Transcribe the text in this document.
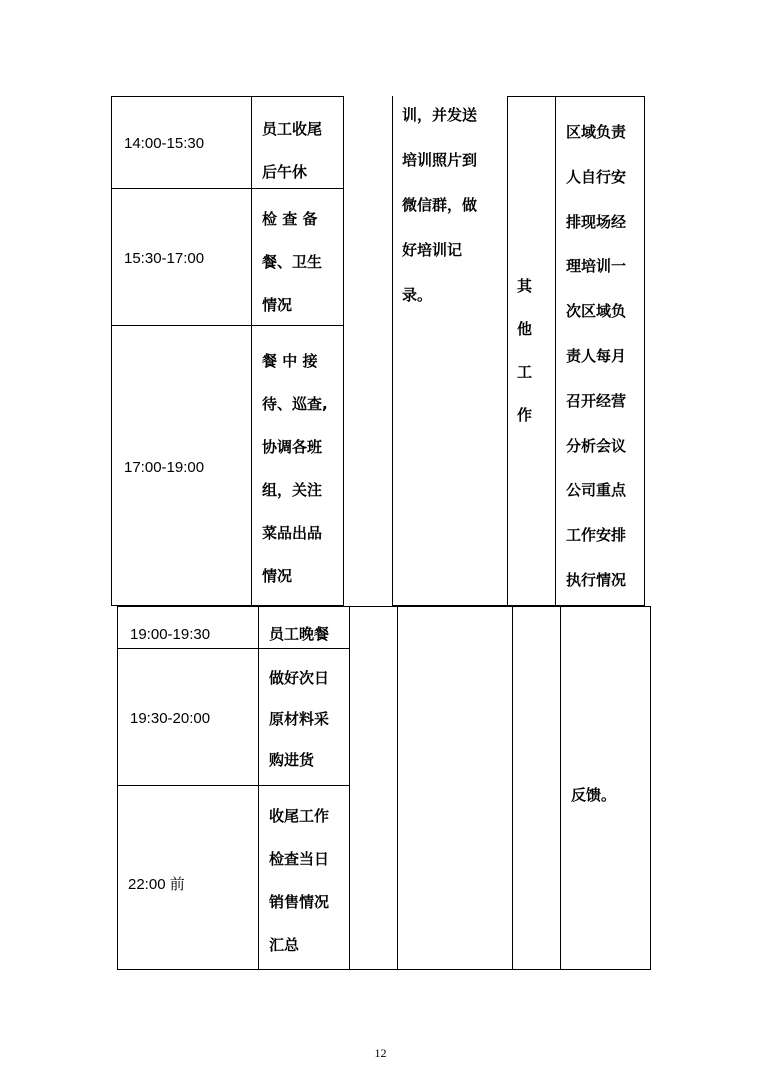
14:00-15:30
员工收尾
后午休
15:30-17:00
检 查 备
餐、卫生
情况
17:00-19:00
餐 中 接
待、巡查,
协调各班
组，关注
菜品出品
情况
训，并发送
培训照片到
微信群，做
好培训记
录。	其
他
工
作
区域负责
人自行安
排现场经
理培训一
次区域负
责人每月
召开经营
分析会议
公司重点
工作安排
执行情况
19:00-19:30	员工晚餐
19:30-20:00
做好次日
原材料采
购进货
22:00 前
收尾工作
检查当日
销售情况
汇总
反馈。
12
